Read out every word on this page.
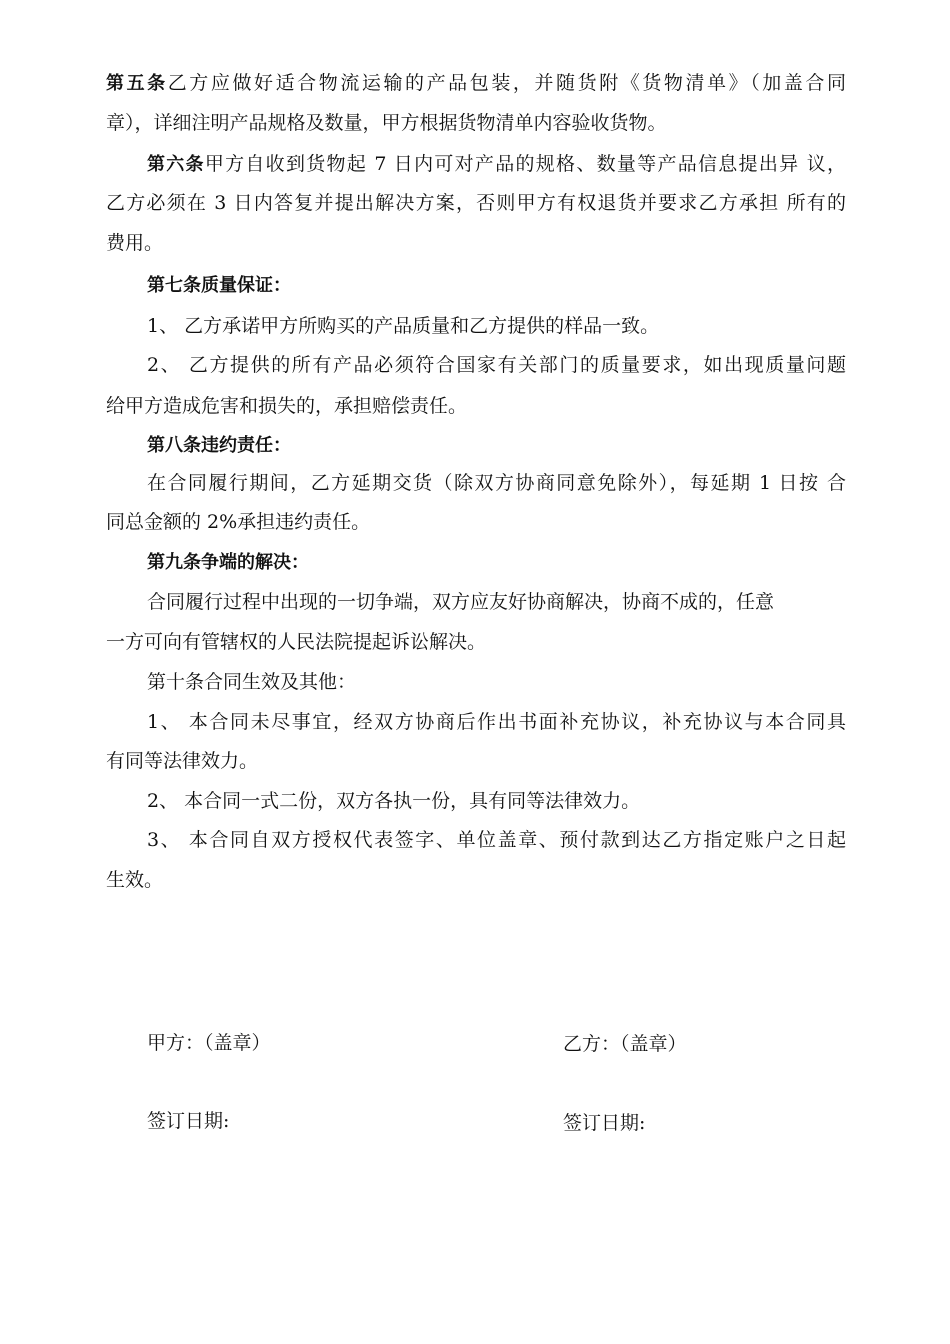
第五条乙方应做好适合物流运输的产品包装，并随货附《货物清单》（加盖合同
章），详细注明产品规格及数量，甲方根据货物清单内容验收货物。
第六条甲方自收到货物起 7 日内可对产品的规格、数量等产品信息提出异 议，
乙方必须在 3 日内答复并提出解决方案，否则甲方有权退货并要求乙方承担 所有的
费用。
第七条质量保证：
1、 乙方承诺甲方所购买的产品质量和乙方提供的样品一致。
2、 乙方提供的所有产品必须符合国家有关部门的质量要求，如出现质量问题
给甲方造成危害和损失的，承担赔偿责任。
第八条违约责任：
在合同履行期间，乙方延期交货（除双方协商同意免除外），每延期 1 日按 合
同总金额的 2%承担违约责任。
第九条争端的解决：
合同履行过程中出现的一切争端，双方应友好协商解决，协商不成的，任意
一方可向有管辖权的人民法院提起诉讼解决。
第十条合同生效及其他：
1、 本合同未尽事宜，经双方协商后作出书面补充协议，补充协议与本合同具
有同等法律效力。
2、 本合同一式二份，双方各执一份，具有同等法律效力。
3、 本合同自双方授权代表签字、单位盖章、预付款到达乙方指定账户之日起
生效。
甲方：（盖章）	乙方：（盖章）
签订日期:	签订日期:
